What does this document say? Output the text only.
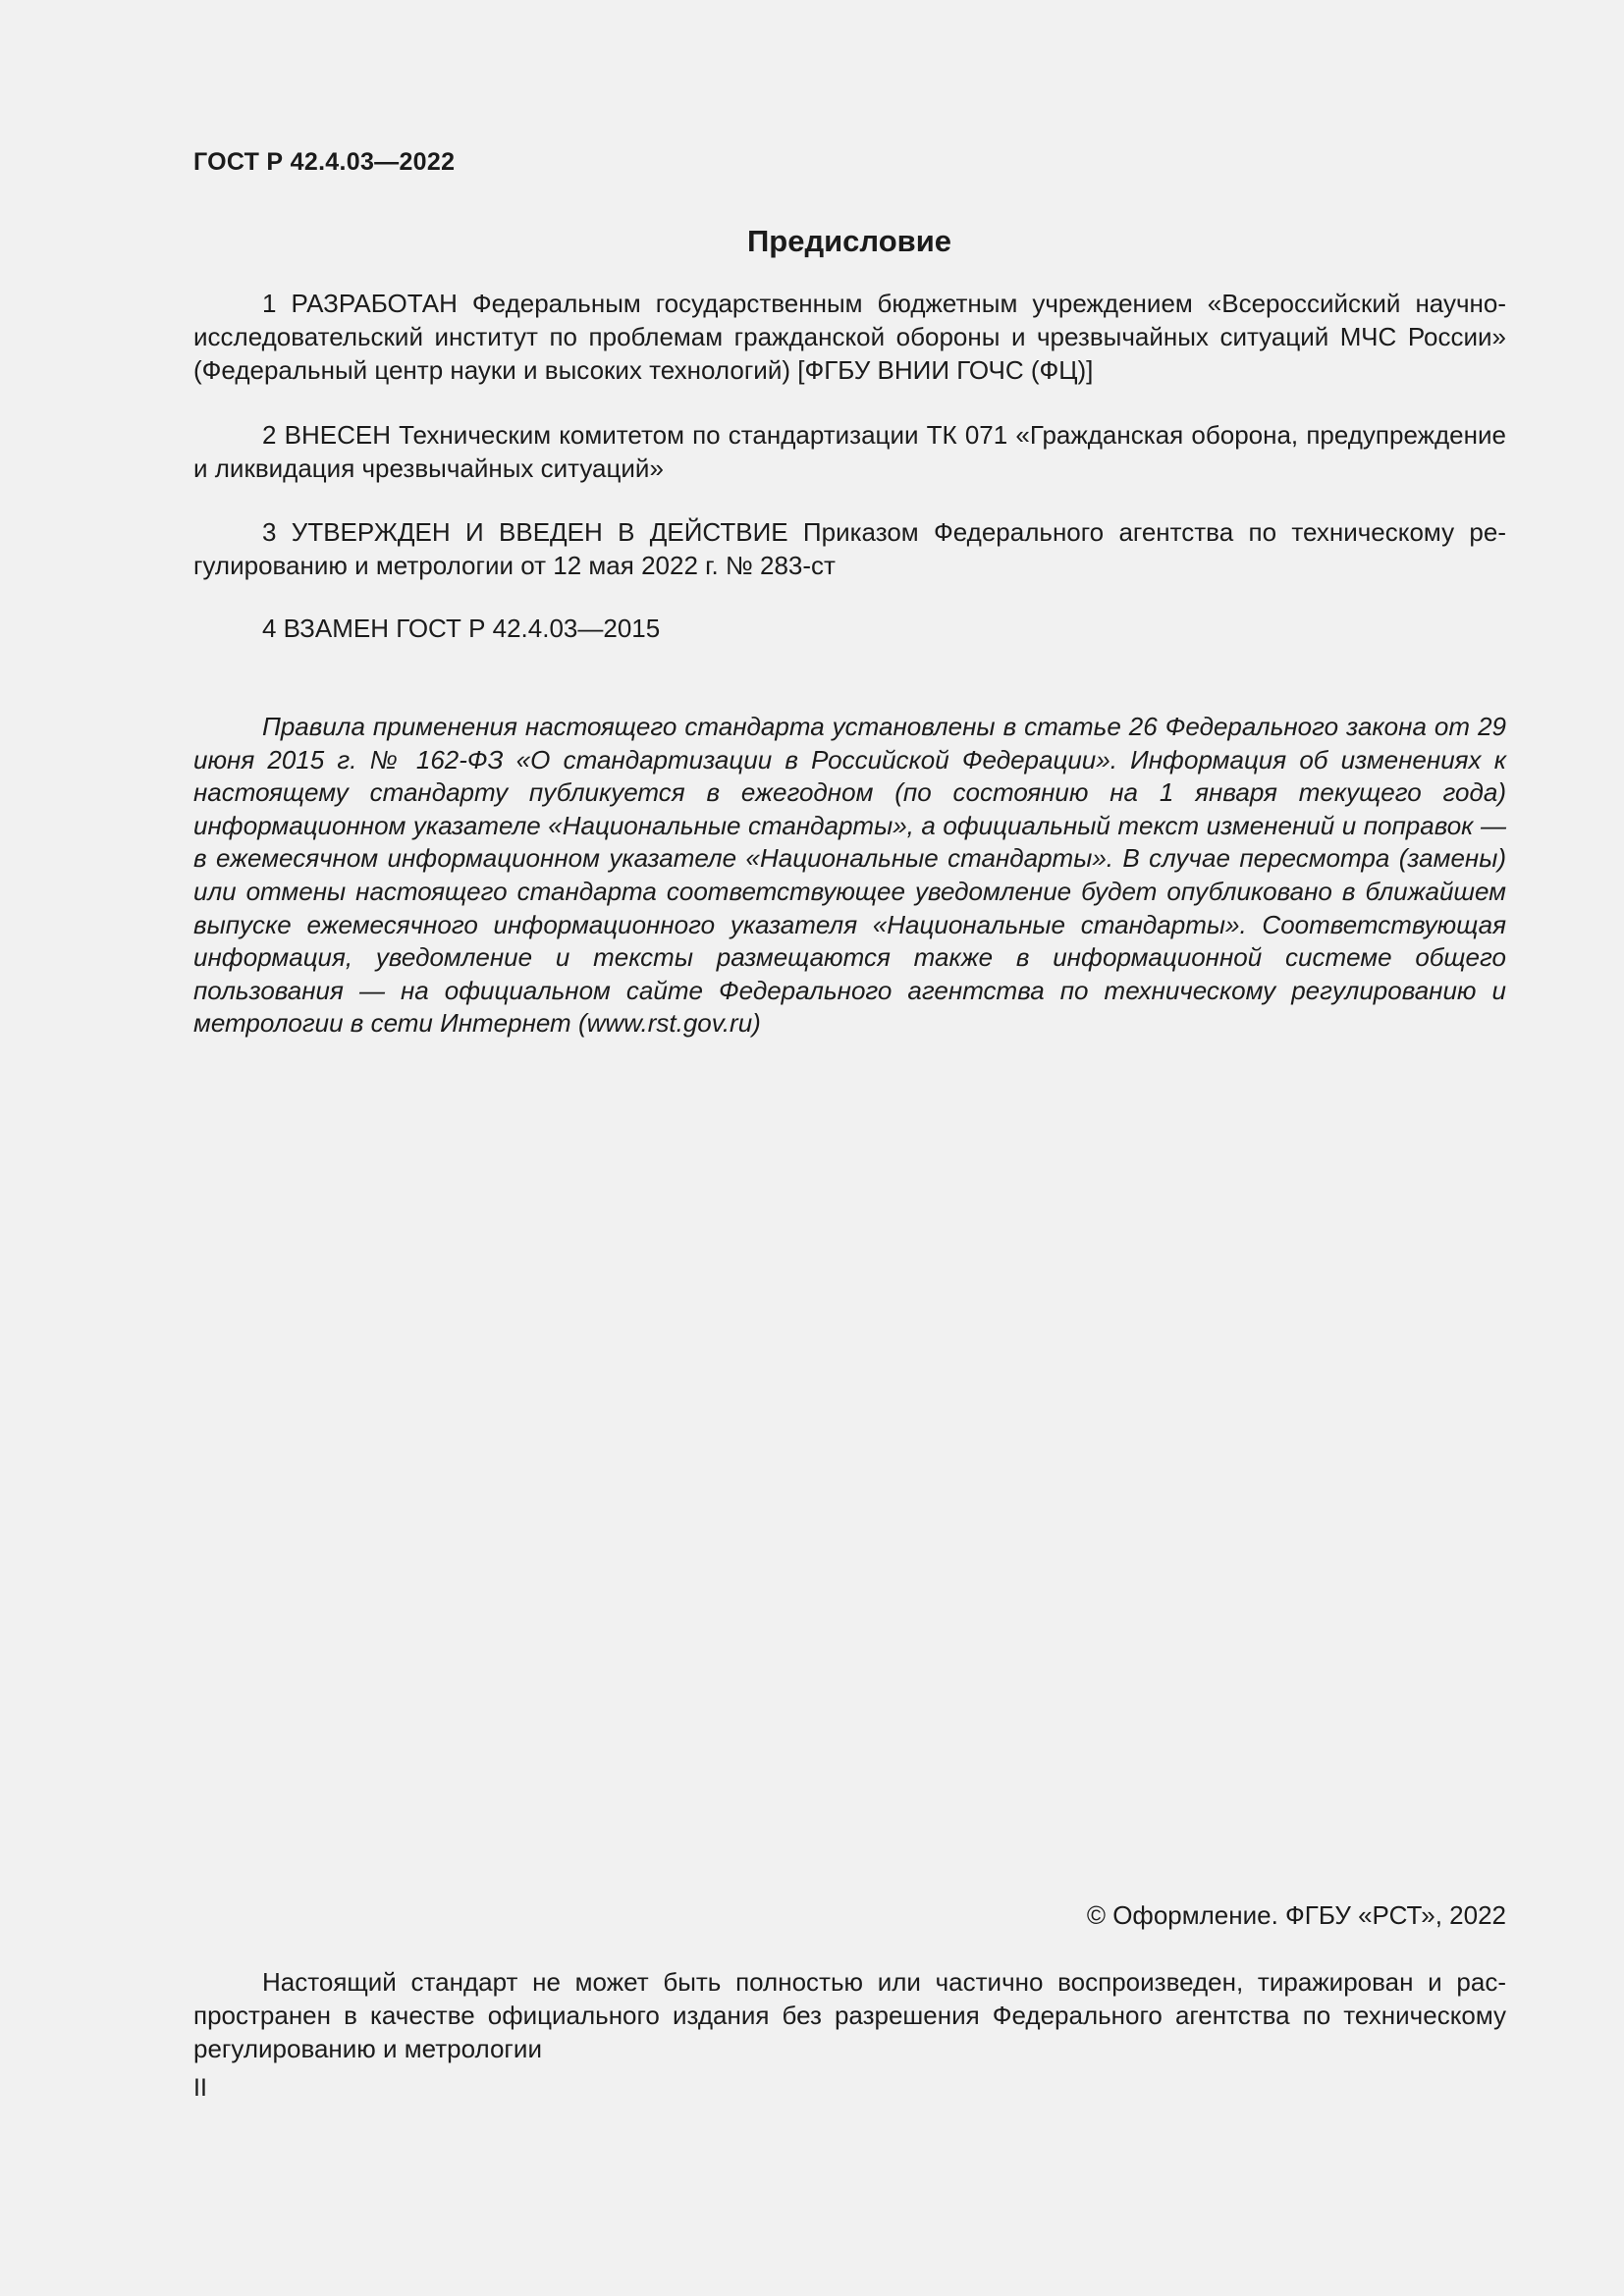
ГОСТ Р 42.4.03—2022

Предисловие

1 РАЗРАБОТАН Федеральным государственным бюджетным учреждением «Всероссийский научно-исследовательский институт по проблемам гражданской обороны и чрезвычайных ситуаций МЧС России» (Федеральный центр науки и высоких технологий) [ФГБУ ВНИИ ГОЧС (ФЦ)]

2 ВНЕСЕН Техническим комитетом по стандартизации ТК 071 «Гражданская оборона, предупреждение и ликвидация чрезвычайных ситуаций»

3 УТВЕРЖДЕН И ВВЕДЕН В ДЕЙСТВИЕ Приказом Федерального агентства по техническому регулированию и метрологии от 12 мая 2022 г. № 283-ст

4 ВЗАМЕН ГОСТ Р 42.4.03—2015

Правила применения настоящего стандарта установлены в статье 26 Федерального закона от 29 июня 2015 г. № 162-ФЗ «О стандартизации в Российской Федерации». Информация об изменениях к настоящему стандарту публикуется в ежегодном (по состоянию на 1 января текущего года) информационном указателе «Национальные стандарты», а официальный текст изменений и поправок — в ежемесячном информационном указателе «Национальные стандарты». В случае пересмотра (замены) или отмены настоящего стандарта соответствующее уведомление будет опубликовано в ближайшем выпуске ежемесячного информационного указателя «Национальные стандарты». Соответствующая информация, уведомление и тексты размещаются также в информационной системе общего пользования — на официальном сайте Федерального агентства по техническому регулированию и метрологии в сети Интернет (www.rst.gov.ru)

© Оформление. ФГБУ «РСТ», 2022

Настоящий стандарт не может быть полностью или частично воспроизведен, тиражирован и распространен в качестве официального издания без разрешения Федерального агентства по техническому регулированию и метрологии

II
